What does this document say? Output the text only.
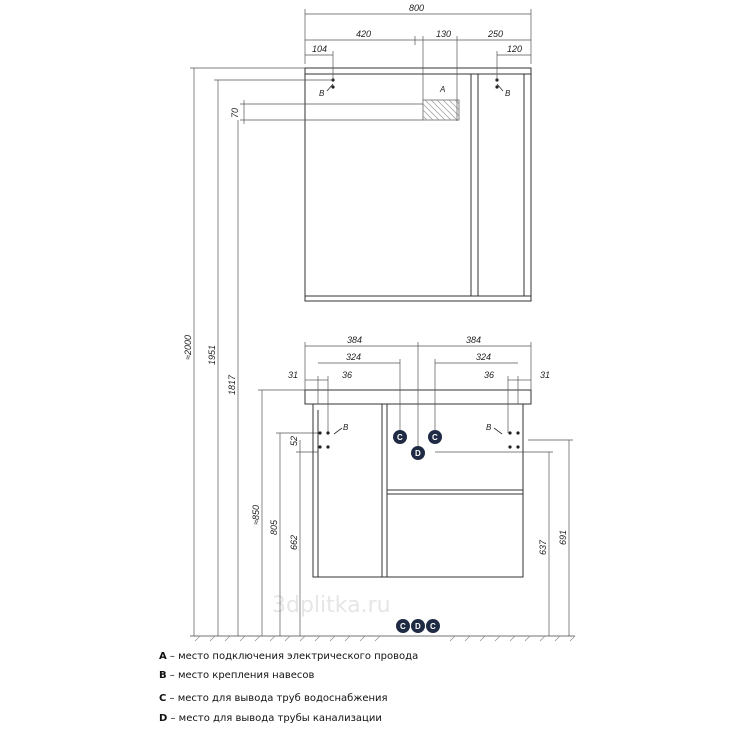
3dplitka.ru
B	B
A
800
420	130	250
104	120
70
≈2000 1951
1817
≈850
805
662
52
637
691
384	384
324	324
31	31
36	36
B	B
C	C
D
C D C
A – место подключения электрического провода
B – место крепления навесов
C – место для вывода труб водоснабжения
D – место для вывода трубы канализации
